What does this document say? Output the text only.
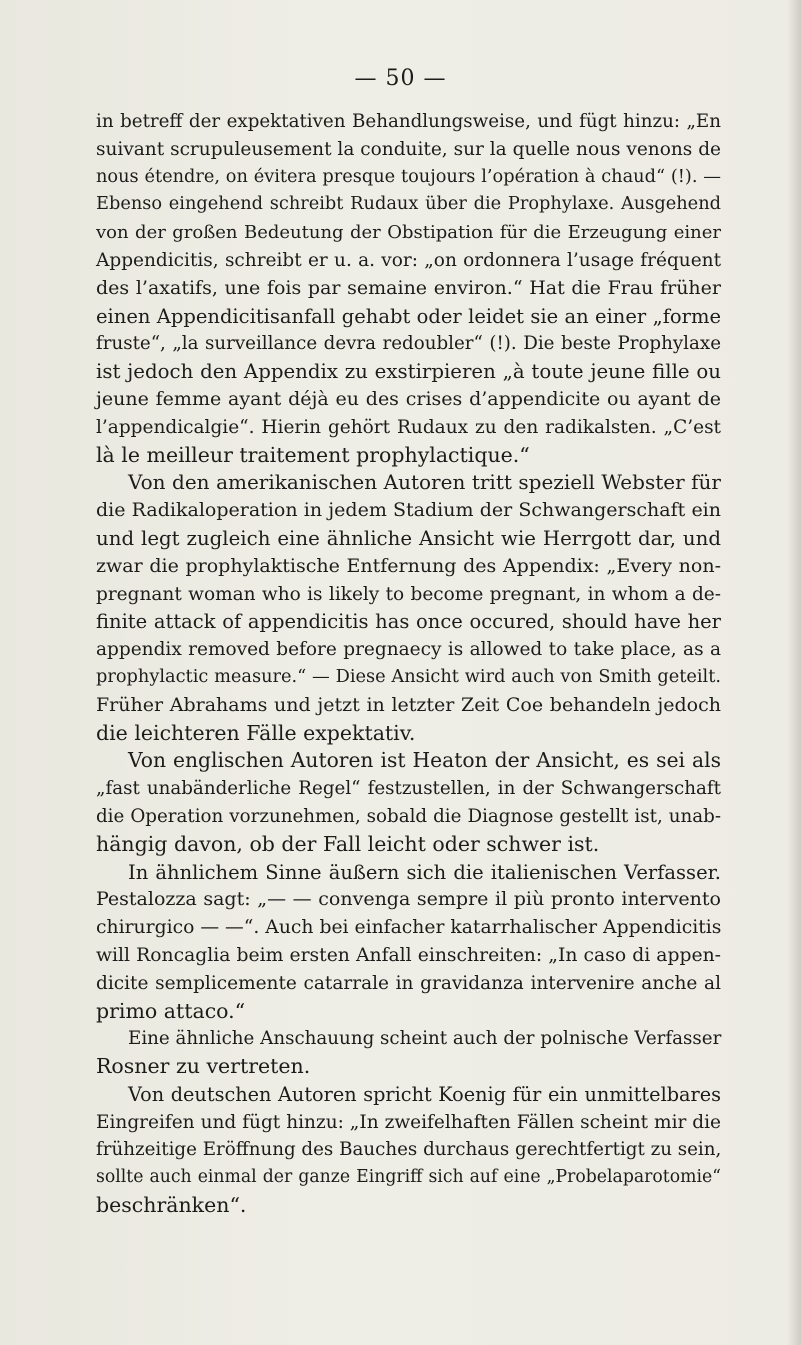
— 50 —
in betreff der expektativen Behandlungsweise, und fügt hinzu: „En
suivant scrupuleusement la conduite, sur la quelle nous venons de
nous étendre, on évitera presque toujours l’opération à chaud“ (!). —
Ebenso eingehend schreibt Rudaux über die Prophylaxe. Ausgehend
von der großen Bedeutung der Obstipation für die Erzeugung einer
Appendicitis, schreibt er u. a. vor: „on ordonnera l’usage fréquent
des l’axatifs, une fois par semaine environ.“ Hat die Frau früher
einen Appendicitisanfall gehabt oder leidet sie an einer „forme
fruste“, „la surveillance devra redoubler“ (!). Die beste Prophylaxe
ist jedoch den Appendix zu exstirpieren „à toute jeune fille ou
jeune femme ayant déjà eu des crises d’appendicite ou ayant de
l’appendicalgie“. Hierin gehört Rudaux zu den radikalsten. „C’est
là le meilleur traitement prophylactique.“
Von den amerikanischen Autoren tritt speziell Webster für
die Radikaloperation in jedem Stadium der Schwangerschaft ein
und legt zugleich eine ähnliche Ansicht wie Herrgott dar, und
zwar die prophylaktische Entfernung des Appendix: „Every non-
pregnant woman who is likely to become pregnant, in whom a de-
finite attack of appendicitis has once occured, should have her
appendix removed before pregnaecy is allowed to take place, as a
prophylactic measure.“ — Diese Ansicht wird auch von Smith geteilt.
Früher Abrahams und jetzt in letzter Zeit Coe behandeln jedoch
die leichteren Fälle expektativ.
Von englischen Autoren ist Heaton der Ansicht, es sei als
„fast unabänderliche Regel“ festzustellen, in der Schwangerschaft
die Operation vorzunehmen, sobald die Diagnose gestellt ist, unab-
hängig davon, ob der Fall leicht oder schwer ist.
In ähnlichem Sinne äußern sich die italienischen Verfasser.
Pestalozza sagt: „— — convenga sempre il più pronto intervento
chirurgico — —“. Auch bei einfacher katarrhalischer Appendicitis
will Roncaglia beim ersten Anfall einschreiten: „In caso di appen-
dicite semplicemente catarrale in gravidanza intervenire anche al
primo attaco.“
Eine ähnliche Anschauung scheint auch der polnische Verfasser
Rosner zu vertreten.
Von deutschen Autoren spricht Koenig für ein unmittelbares
Eingreifen und fügt hinzu: „In zweifelhaften Fällen scheint mir die
frühzeitige Eröffnung des Bauches durchaus gerechtfertigt zu sein,
sollte auch einmal der ganze Eingriff sich auf eine „Probelaparotomie“
beschränken“.
